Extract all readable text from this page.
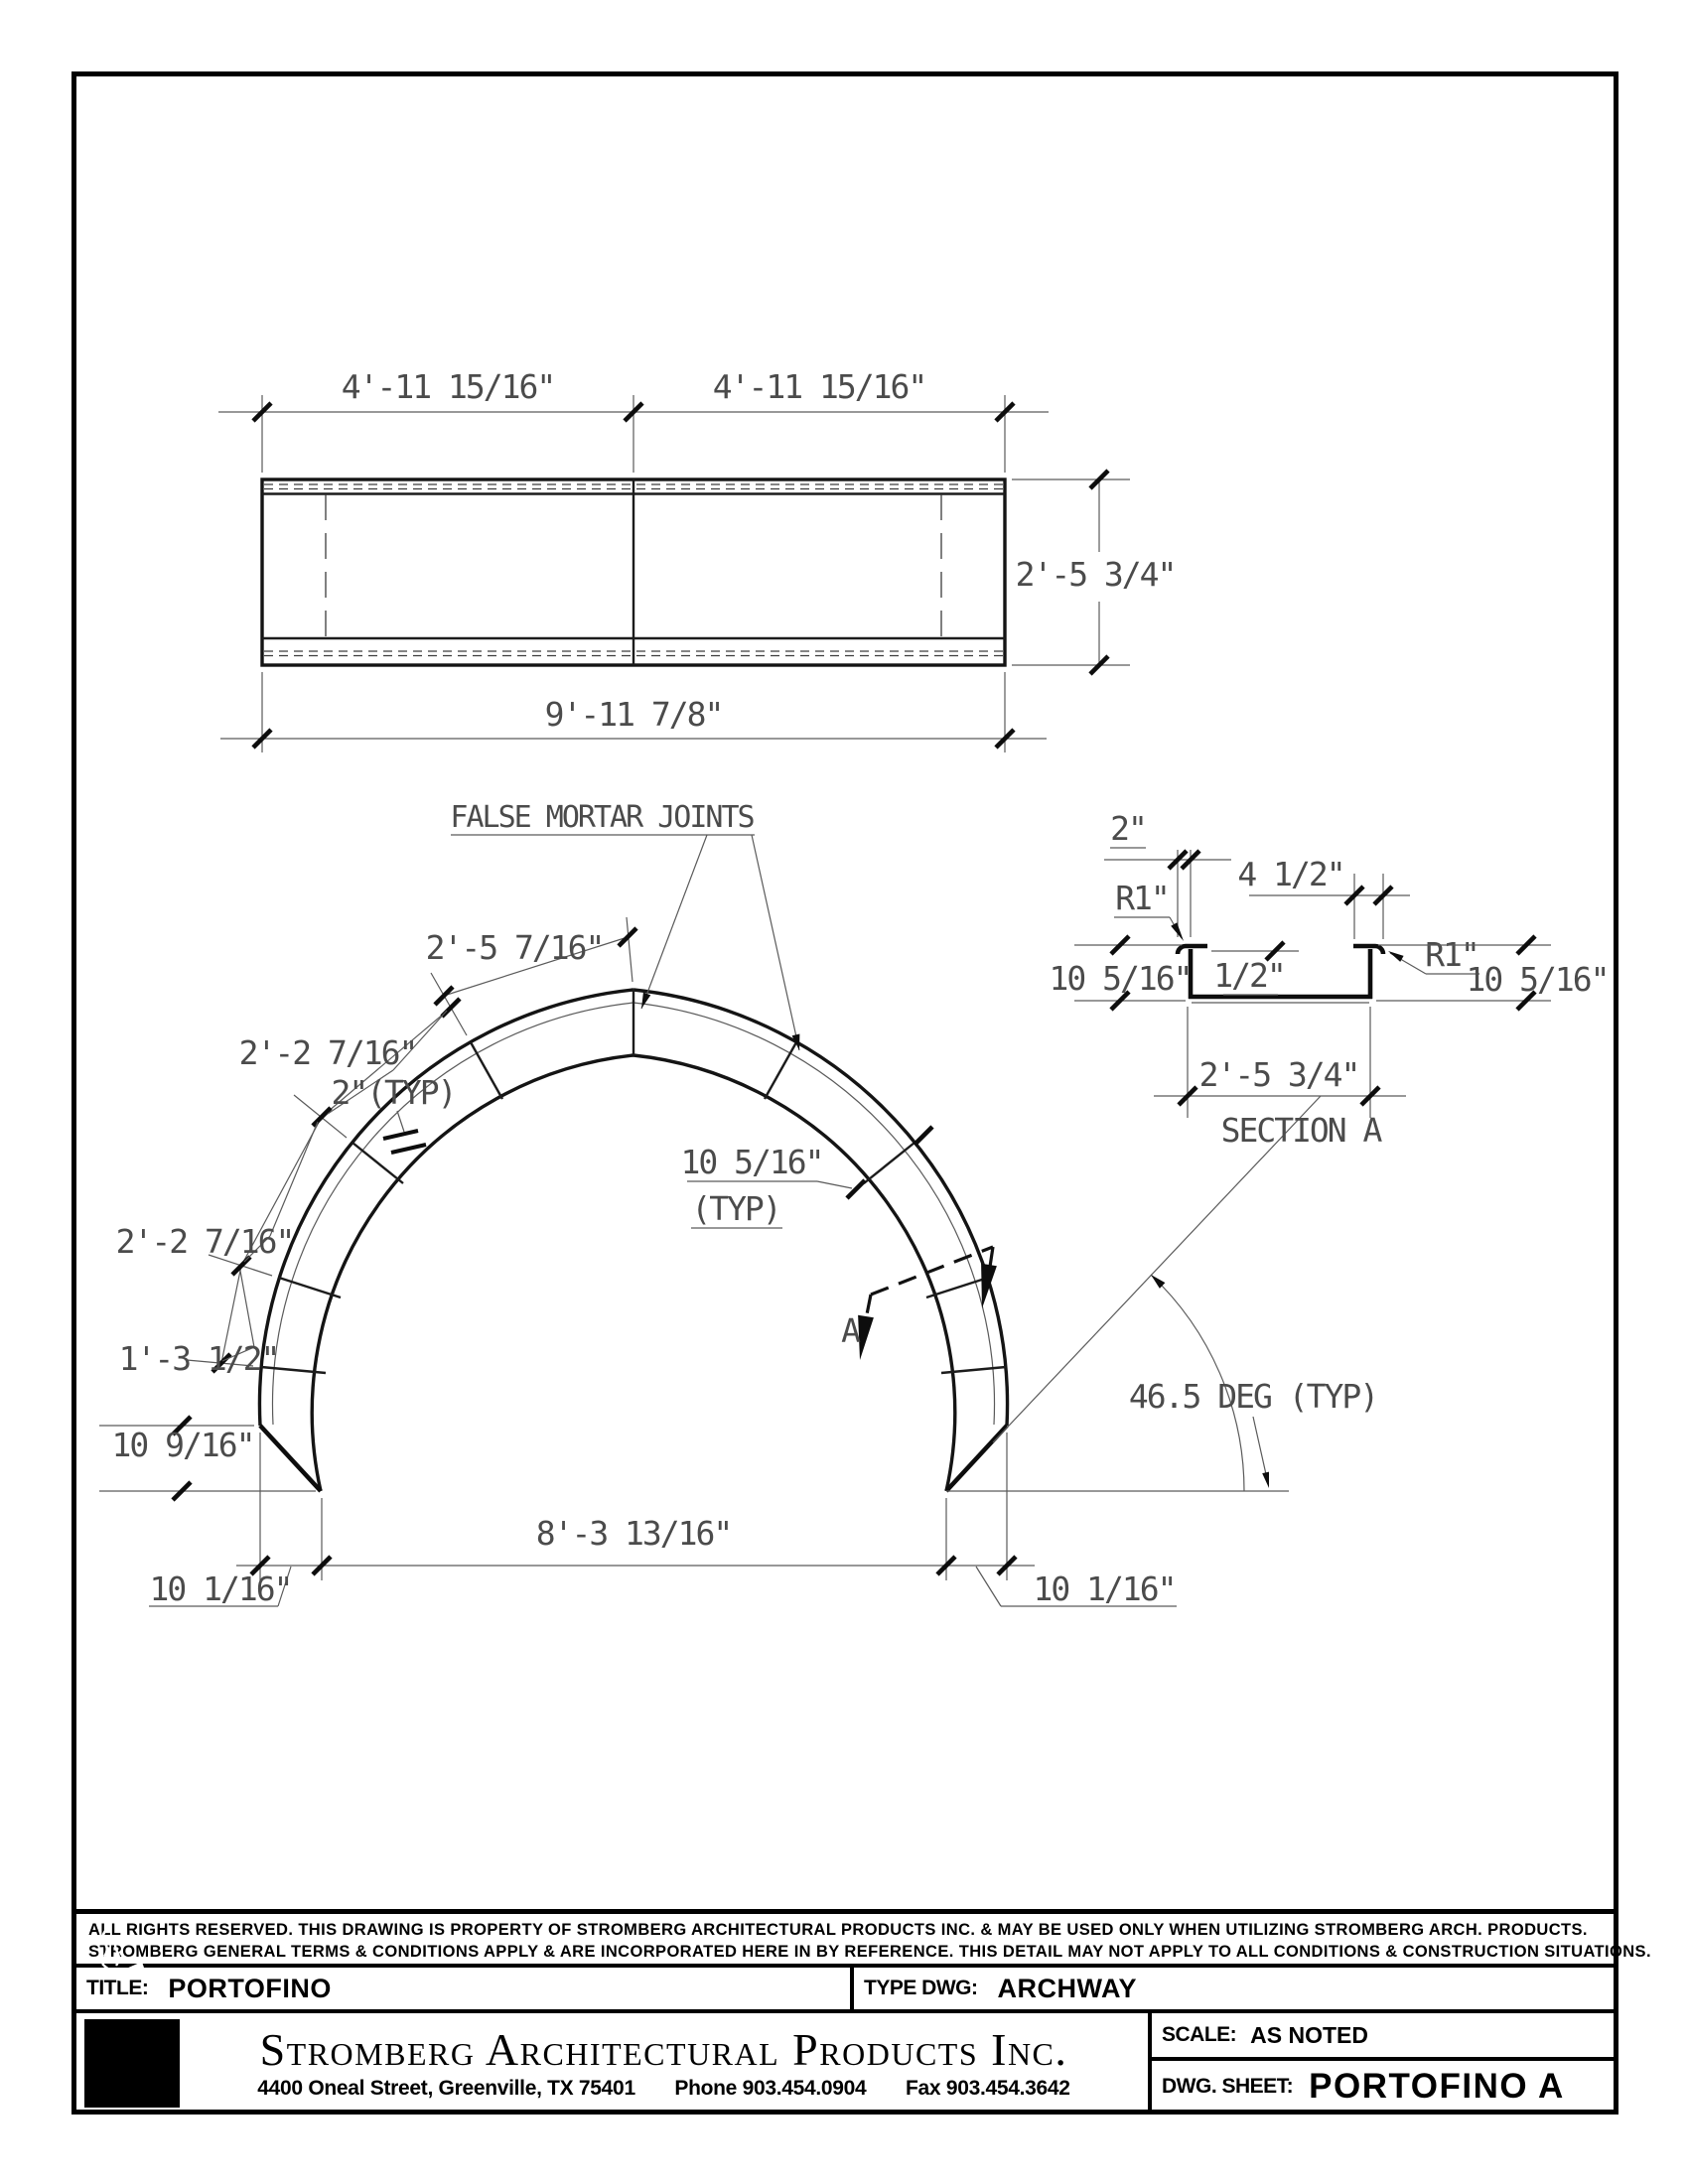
4'-11 15/16"	4'-11 15/16"
9'-11 7/8"
2'-5 3/4"
FALSE MORTAR JOINTS
2'-5 7/16"
2'-2 7/16"
2'-2 7/16"
1'-3 1/2"
2"(TYP)
10 5/16"
(TYP)
10 9/16"
8'-3 13/16"
10 1/16"	10 1/16"
46.5 DEG (TYP)
A
2"
R1"
4 1/2"
1/2"
R1"
10 5/16"	10 5/16"
2'-5 3/4"
SECTION A
ALL RIGHTS RESERVED. THIS DRAWING IS PROPERTY OF STROMBERG ARCHITECTURAL PRODUCTS INC. & MAY BE USED ONLY WHEN UTILIZING STROMBERG ARCH. PRODUCTS.
STROMBERG GENERAL TERMS & CONDITIONS APPLY & ARE INCORPORATED HERE IN BY REFERENCE. THIS DETAIL MAY NOT APPLY TO ALL CONDITIONS & CONSTRUCTION SITUATIONS.
TITLE: PORTOFINO	TYPE DWG: ARCHWAY
Stromberg Architectural Products Inc.
4400 Oneal Street, Greenville, TX 75401 Phone 903.454.0904 Fax 903.454.3642
SCALE: AS NOTED
DWG. SHEET: PORTOFINO A
